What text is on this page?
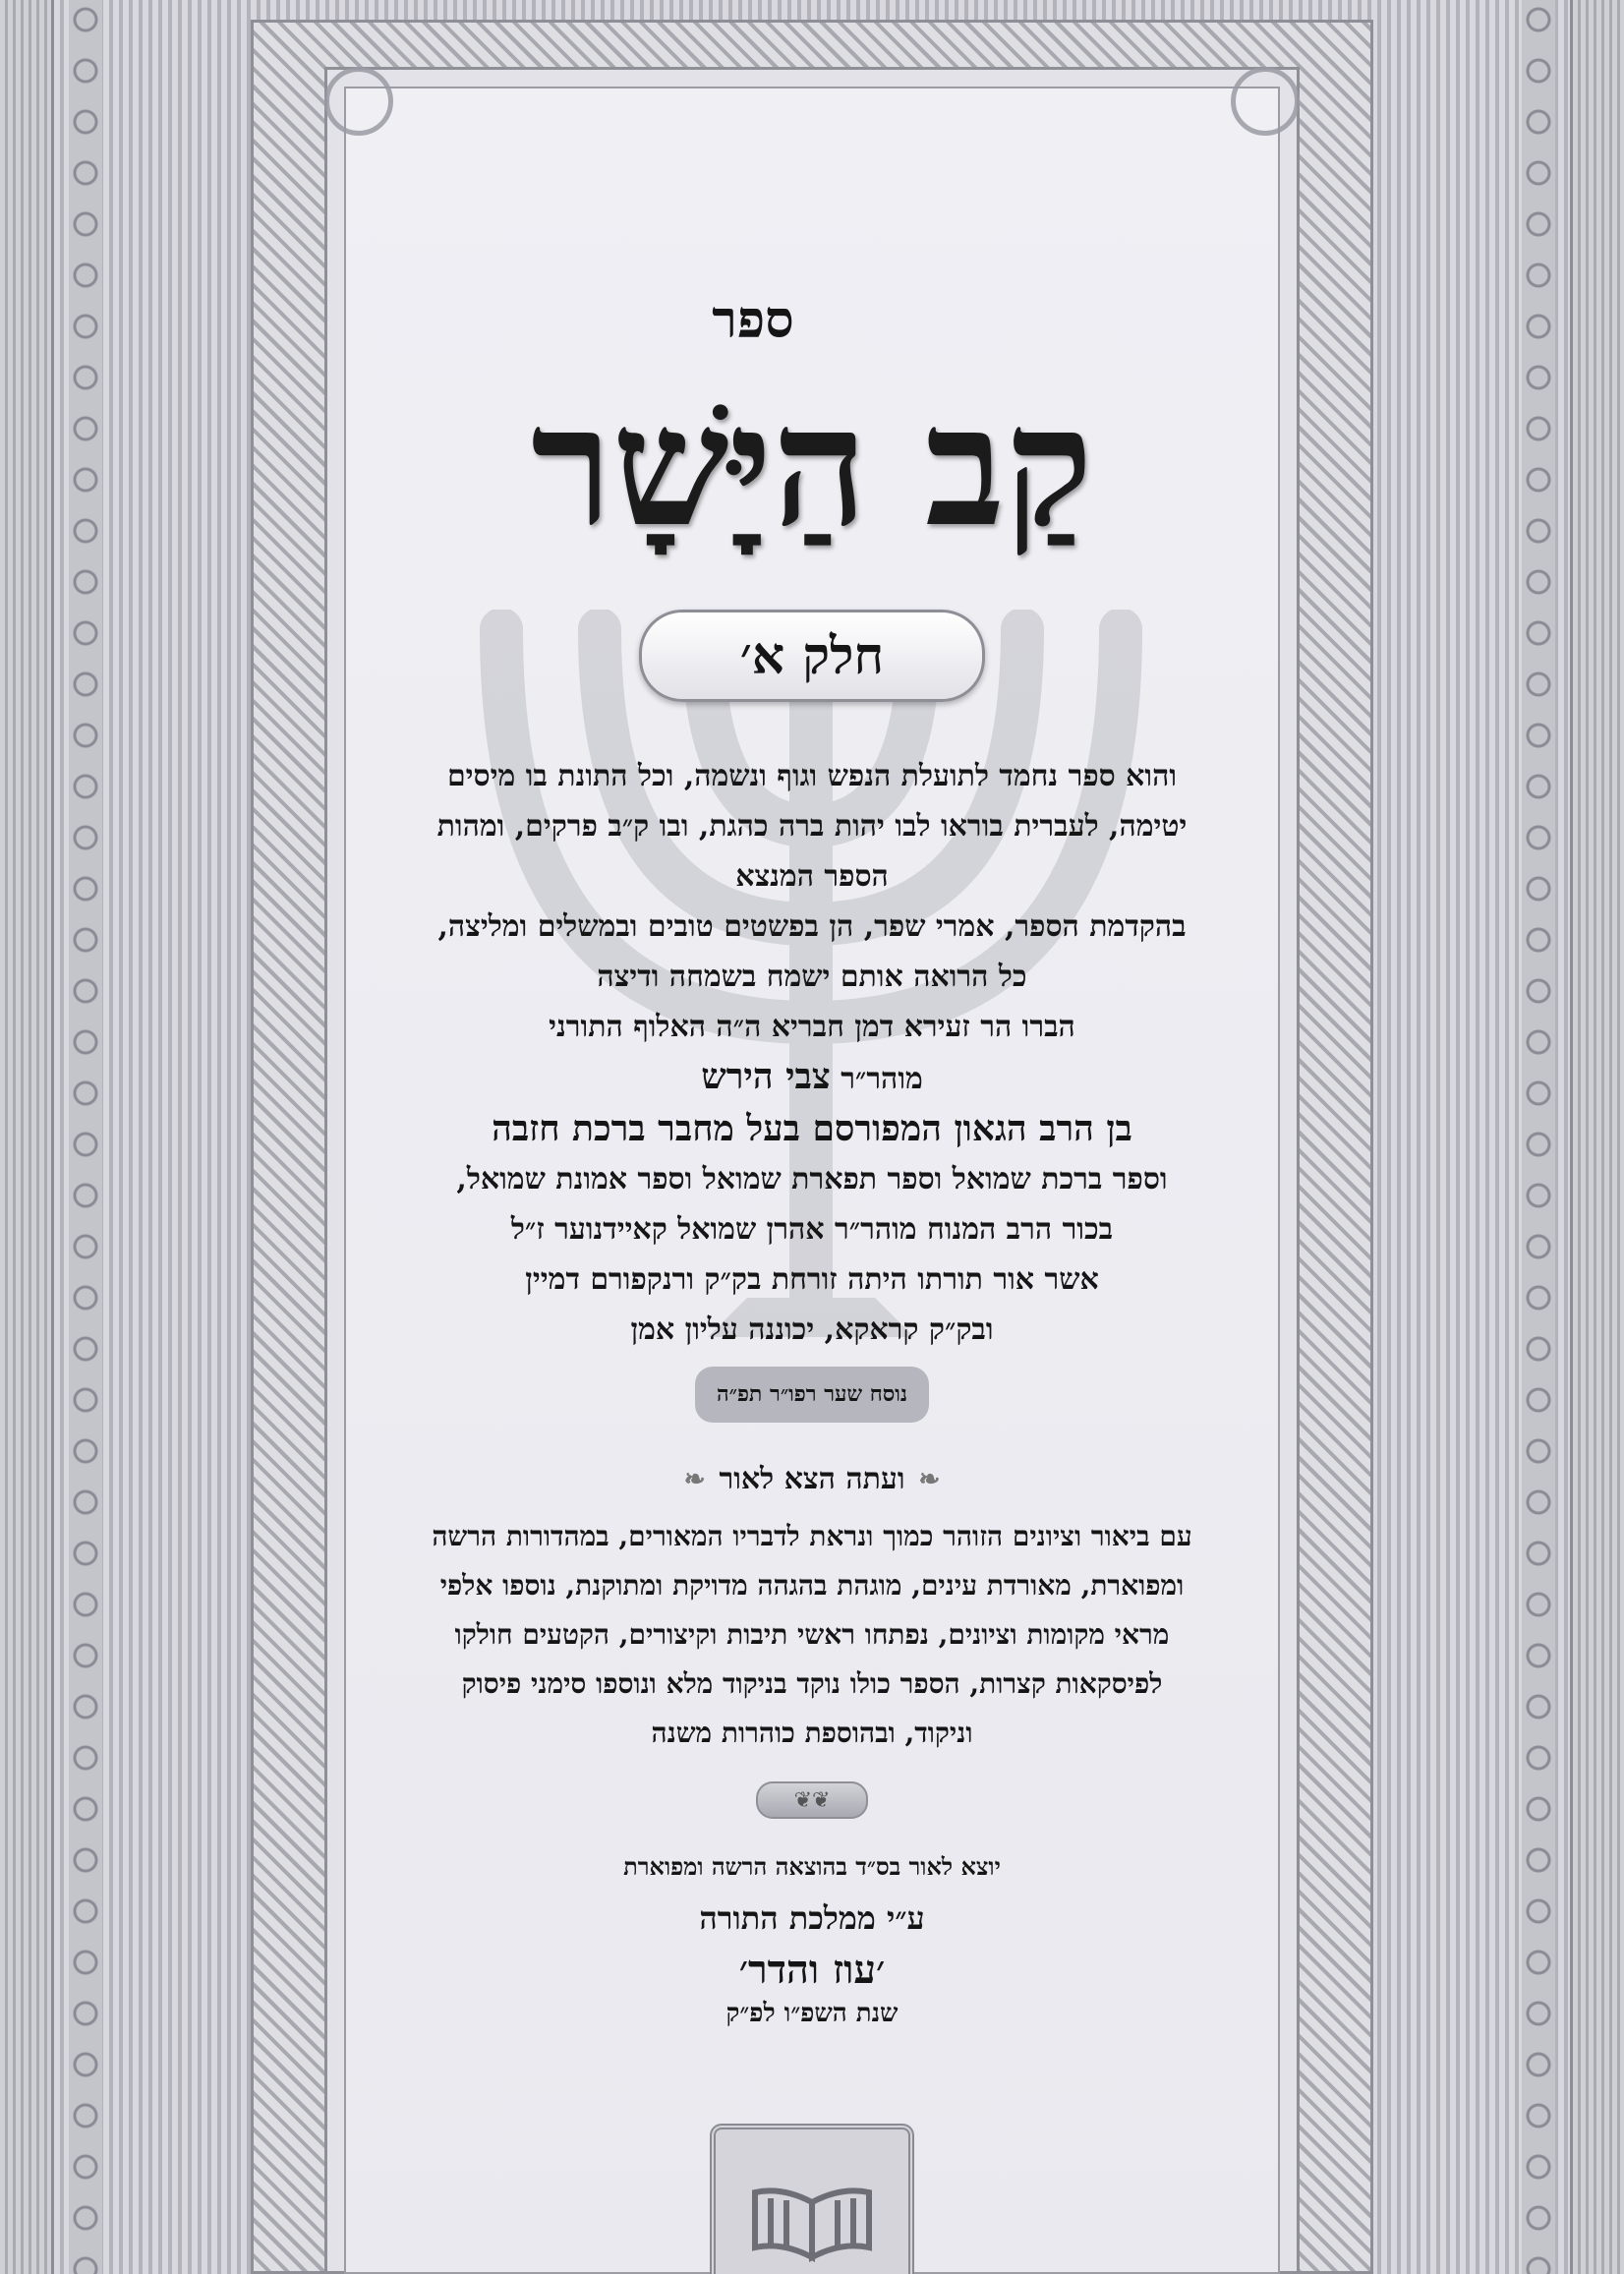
ספר

קַב הַיָּשָׁר
חלק א׳

והוא ספר נחמד לתועלת הנפש וגוף ונשמה, וכל התונת בו מיסים

יטימה, לעברית בוראו לבו יהות ברה כהגת, ובו ק״ב פרקים, ומהות

הספר המנצא

בהקדמת הספר, אמרי שפר, הן בפשטים טובים ובמשלים ומליצה,

כל הרואה אותם ישמח בשמחה ודיצה

הברו הר זעירא דמן חבריא ה״ה האלוף התורני

מוהר״ר צבי הירש

בן הרב הגאון המפורסם בעל מחבר ברכת חזבה

וספר ברכת שמואל וספר תפארת שמואל וספר אמונת שמואל,

בכור הרב המנוח מוהר״ר אהרן שמואל קאיידנוער ז״ל

אשר אור תורתו היתה זורחת בק״ק ורנקפורם דמיין

ובק״ק קראקא, יכוננה עליון אמן

נוסח שער רפו״ר תפ״ה
❧
ועתה הצא לאור
❧

עם ביאור וציונים הזוהר כמוך ונראת לדבריו המאורים, במהדורות הרשה

ומפוארת, מאורדת עינים, מוגהת בהגהה מדויקת ומתוקנת, נוספו אלפי

מראי מקומות וציונים, נפתחו ראשי תיבות וקיצורים, הקטעים חולקו

לפיסקאות קצרות, הספר כולו נוקד בניקוד מלא ונוספו סימני פיסוק

וניקוד, ובהוספת כוהרות משנה

❦❦
יוצא לאור בס״ד בהוצאה הרשה ומפוארת
ע״י ממלכת התורה
׳עוז והדר׳
שנת השפ״ו לפ״ק
